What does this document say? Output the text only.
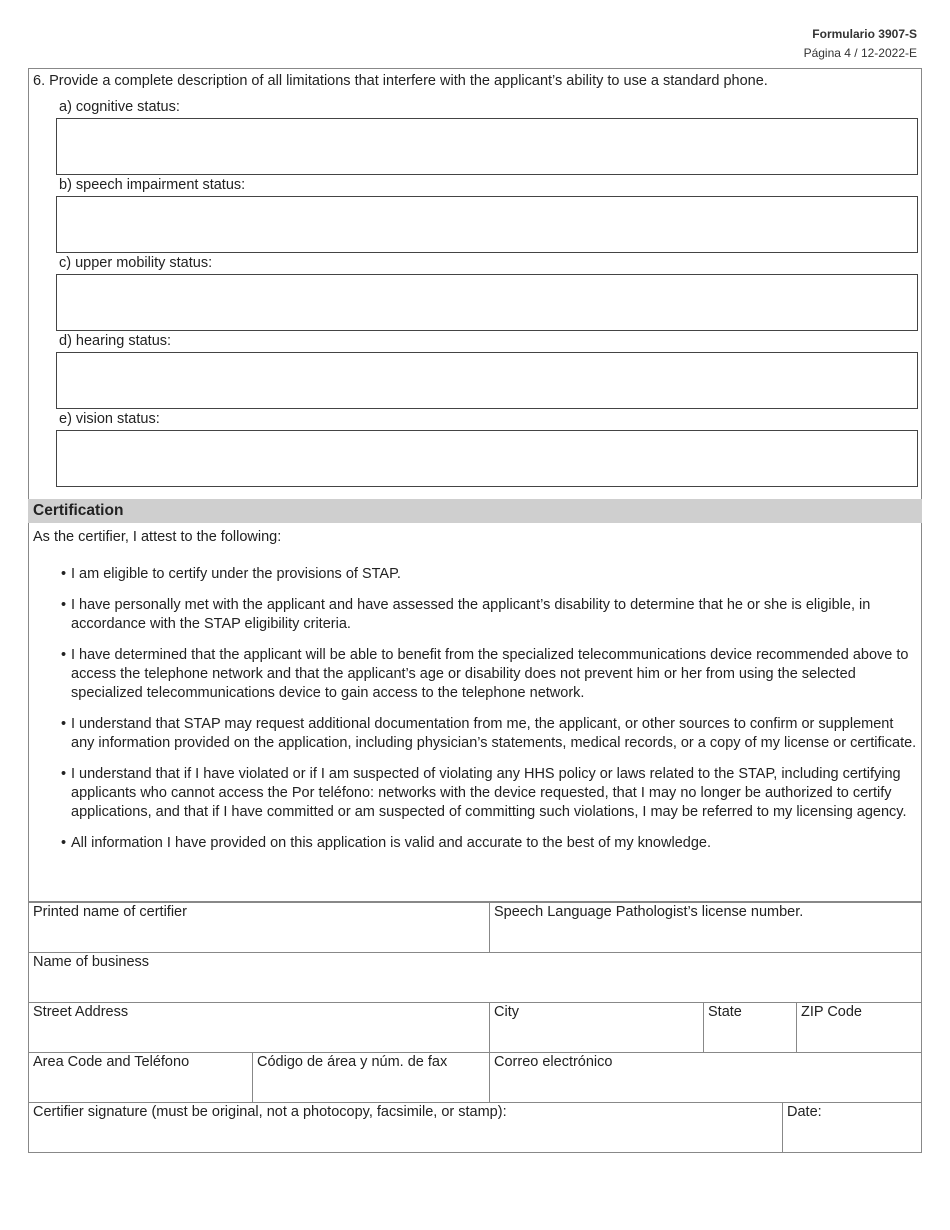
Formulario 3907-S
Página 4 / 12-2022-E
6. Provide a complete description of all limitations that interfere with the applicant’s ability to use a standard phone.
a) cognitive status:
b) speech impairment status:
c) upper mobility status:
d) hearing status:
e) vision status:
Certification
As the certifier, I attest to the following:
• I am eligible to certify under the provisions of STAP.
• I have personally met with the applicant and have assessed the applicant’s disability to determine that he or she is eligible, in accordance with the STAP eligibility criteria.
• I have determined that the applicant will be able to benefit from the specialized telecommunications device recommended above to access the telephone network and that the applicant’s age or disability does not prevent him or her from using the selected specialized telecommunications device to gain access to the telephone network.
• I understand that STAP may request additional documentation from me, the applicant, or other sources to confirm or supplement any information provided on the application, including physician’s statements, medical records, or a copy of my license or certificate.
• I understand that if I have violated or if I am suspected of violating any HHS policy or laws related to the STAP, including certifying applicants who cannot access the Por teléfono: networks with the device requested, that I may no longer be authorized to certify applications, and that if I have committed or am suspected of committing such violations, I may be referred to my licensing agency.
• All information I have provided on this application is valid and accurate to the best of my knowledge.
Printed name of certifier	Speech Language Pathologist’s license number.
Name of business
Street Address	City	State	ZIP Code
Area Code and Teléfono	Código de área y núm. de fax	Correo electrónico
Certifier signature (must be original, not a photocopy, facsimile, or stamp):	Date:
